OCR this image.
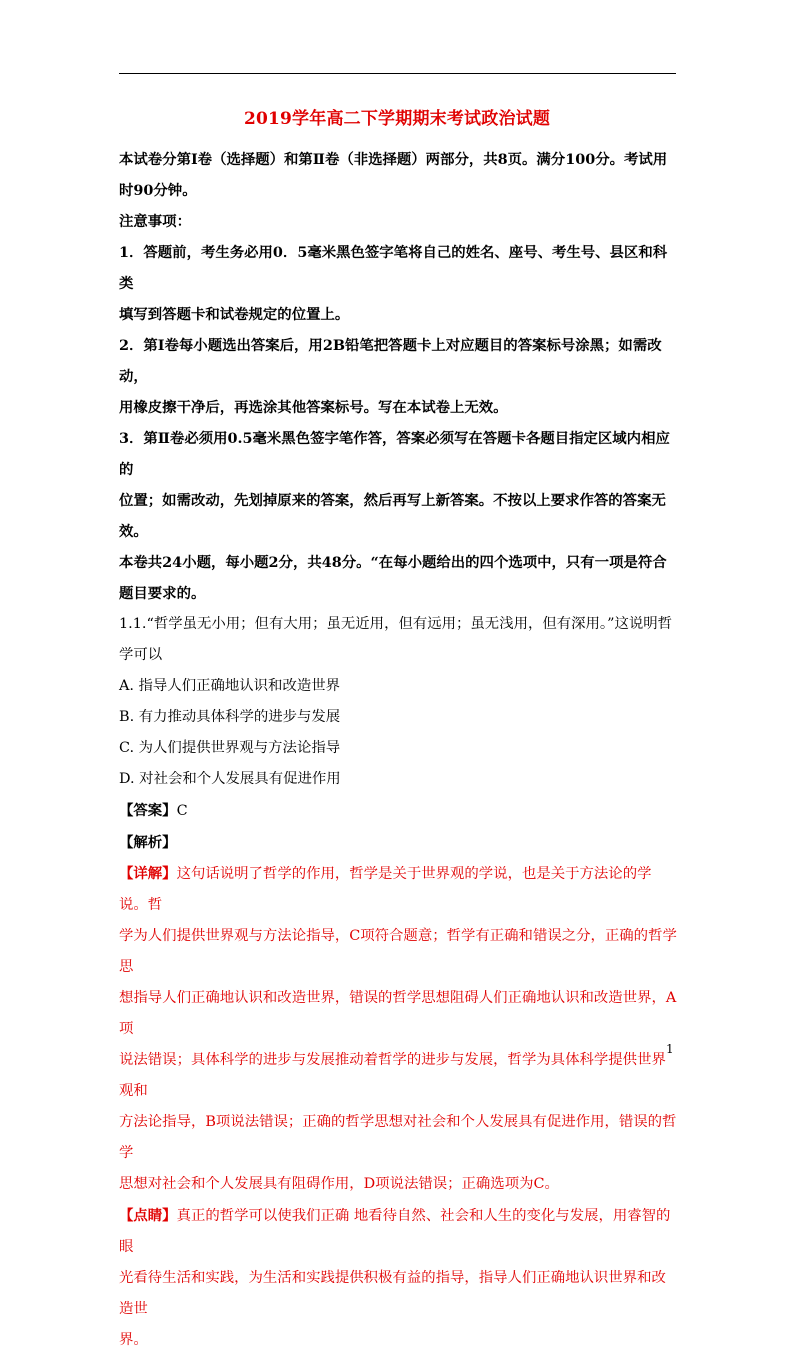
2019学年高二下学期期末考试政治试题

本试卷分第Ⅰ卷（选择题）和第Ⅱ卷（非选择题）两部分，共8页。满分100分。考试用

时90分钟。

注意事项：

1．答题前，考生务必用0．5毫米黑色签字笔将自己的姓名、座号、考生号、县区和科类

填写到答题卡和试卷规定的位置上。

2．第Ⅰ卷每小题选出答案后，用2B铅笔把答题卡上对应题目的答案标号涂黑；如需改动，

用橡皮擦干净后，再选涂其他答案标号。写在本试卷上无效。

3．第Ⅱ卷必须用0.5毫米黑色签字笔作答，答案必须写在答题卡各题目指定区域内相应的

位置；如需改动，先划掉原来的答案，然后再写上新答案。不按以上要求作答的答案无效。

本卷共24小题，每小题2分，共48分。“在每小题给出的四个选项中，只有一项是符合

题目要求的。

1.1.“哲学虽无小用；但有大用；虽无近用，但有远用；虽无浅用，但有深用。”这说明哲

学可以

A. 指导人们正确地认识和改造世界

B. 有力推动具体科学的进步与发展

C. 为人们提供世界观与方法论指导

D. 对社会和个人发展具有促进作用

【答案】C

【解析】

【详解】这句话说明了哲学的作用，哲学是关于世界观的学说，也是关于方法论的学说。哲

学为人们提供世界观与方法论指导，C项符合题意；哲学有正确和错误之分，正确的哲学思

想指导人们正确地认识和改造世界，错误的哲学思想阻碍人们正确地认识和改造世界，A项

说法错误；具体科学的进步与发展推动着哲学的进步与发展，哲学为具体科学提供世界观和

方法论指导，B项说法错误；正确的哲学思想对社会和个人发展具有促进作用，错误的哲学

思想对社会和个人发展具有阻碍作用，D项说法错误；正确选项为C。

【点睛】真正的哲学可以使我们正确 地看待自然、社会和人生的变化与发展，用睿智的眼

光看待生活和实践，为生活和实践提供积极有益的指导，指导人们正确地认识世界和改造世

界。

1
